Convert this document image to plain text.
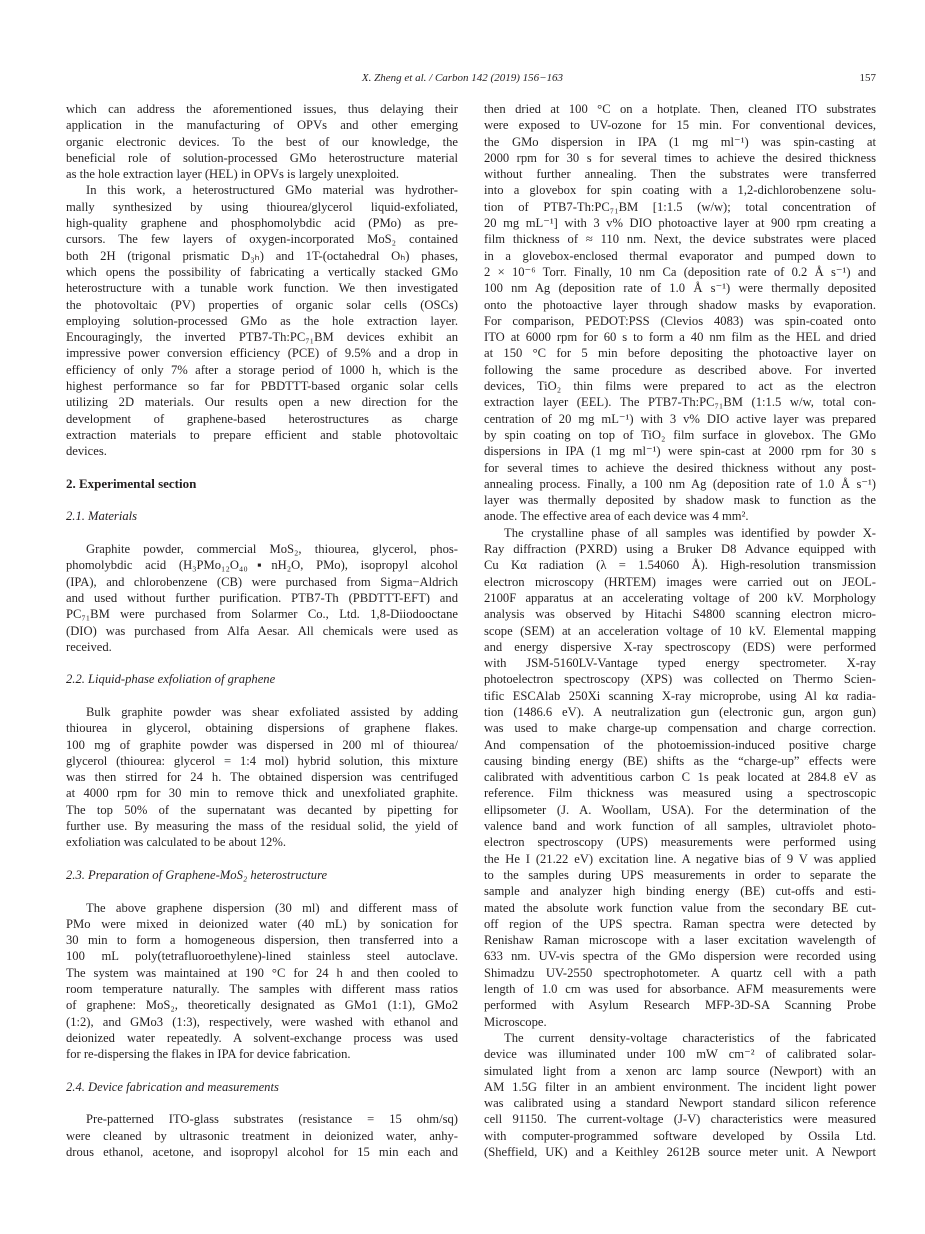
X. Zheng et al. / Carbon 142 (2019) 156−163	157
which can address the aforementioned issues, thus delaying their
application in the manufacturing of OPVs and other emerging
organic electronic devices. To the best of our knowledge, the
beneficial role of solution-processed GMo heterostructure material
as the hole extraction layer (HEL) in OPVs is largely unexploited.
In this work, a heterostructured GMo material was hydrother-
mally synthesized by using thiourea/glycerol liquid-exfoliated,
high-quality graphene and phosphomolybdic acid (PMo) as pre-
cursors. The few layers of oxygen-incorporated MoS₂ contained
both 2H (trigonal prismatic D₃ₕ) and 1T-(octahedral Oₕ) phases,
which opens the possibility of fabricating a vertically stacked GMo
heterostructure with a tunable work function. We then investigated
the photovoltaic (PV) properties of organic solar cells (OSCs)
employing solution-processed GMo as the hole extraction layer.
Encouragingly, the inverted PTB7-Th:PC₇₁BM devices exhibit an
impressive power conversion efficiency (PCE) of 9.5% and a drop in
efficiency of only 7% after a storage period of 1000 h, which is the
highest performance so far for PBDTTT-based organic solar cells
utilizing 2D materials. Our results open a new direction for the
development of graphene-based heterostructures as charge
extraction materials to prepare efficient and stable photovoltaic
devices.
2. Experimental section
2.1. Materials
Graphite powder, commercial MoS₂, thiourea, glycerol, phos-
phomolybdic acid (H₃PMo₁₂O₄₀▪nH₂O, PMo), isopropyl alcohol
(IPA), and chlorobenzene (CB) were purchased from Sigma−Aldrich
and used without further purification. PTB7-Th (PBDTTT-EFT) and
PC₇₁BM were purchased from Solarmer Co., Ltd. 1,8-Diiodooctane
(DIO) was purchased from Alfa Aesar. All chemicals were used as
received.
2.2. Liquid-phase exfoliation of graphene
Bulk graphite powder was shear exfoliated assisted by adding
thiourea in glycerol, obtaining dispersions of graphene flakes.
100 mg of graphite powder was dispersed in 200 ml of thiourea/
glycerol (thiourea: glycerol = 1:4 mol) hybrid solution, this mixture
was then stirred for 24 h. The obtained dispersion was centrifuged
at 4000 rpm for 30 min to remove thick and unexfoliated graphite.
The top 50% of the supernatant was decanted by pipetting for
further use. By measuring the mass of the residual solid, the yield of
exfoliation was calculated to be about 12%.
2.3. Preparation of Graphene-MoS₂ heterostructure
The above graphene dispersion (30 ml) and different mass of
PMo were mixed in deionized water (40 mL) by sonication for
30 min to form a homogeneous dispersion, then transferred into a
100 mL poly(tetrafluoroethylene)-lined stainless steel autoclave.
The system was maintained at 190 °C for 24 h and then cooled to
room temperature naturally. The samples with different mass ratios
of graphene: MoS₂, theoretically designated as GMo1 (1:1), GMo2
(1:2), and GMo3 (1:3), respectively, were washed with ethanol and
deionized water repeatedly. A solvent-exchange process was used
for re-dispersing the flakes in IPA for device fabrication.
2.4. Device fabrication and measurements
Pre-patterned ITO-glass substrates (resistance = 15 ohm/sq)
were cleaned by ultrasonic treatment in deionized water, anhy-
drous ethanol, acetone, and isopropyl alcohol for 15 min each and
then dried at 100 °C on a hotplate. Then, cleaned ITO substrates
were exposed to UV-ozone for 15 min. For conventional devices,
the GMo dispersion in IPA (1 mg ml⁻¹) was spin-casting at
2000 rpm for 30 s for several times to achieve the desired thickness
without further annealing. Then the substrates were transferred
into a glovebox for spin coating with a 1,2-dichlorobenzene solu-
tion of PTB7-Th:PC₇₁BM [1:1.5 (w/w); total concentration of
20 mg mL⁻¹] with 3 v% DIO photoactive layer at 900 rpm creating a
film thickness of ≈ 110 nm. Next, the device substrates were placed
in a glovebox-enclosed thermal evaporator and pumped down to
2 × 10⁻⁶ Torr. Finally, 10 nm Ca (deposition rate of 0.2 Å s⁻¹) and
100 nm Ag (deposition rate of 1.0 Å s⁻¹) were thermally deposited
onto the photoactive layer through shadow masks by evaporation.
For comparison, PEDOT:PSS (Clevios 4083) was spin-coated onto
ITO at 6000 rpm for 60 s to form a 40 nm film as the HEL and dried
at 150 °C for 5 min before depositing the photoactive layer on
following the same procedure as described above. For inverted
devices, TiO₂ thin films were prepared to act as the electron
extraction layer (EEL). The PTB7-Th:PC₇₁BM (1:1.5 w/w, total con-
centration of 20 mg mL⁻¹) with 3 v% DIO active layer was prepared
by spin coating on top of TiO₂ film surface in glovebox. The GMo
dispersions in IPA (1 mg ml⁻¹) were spin-cast at 2000 rpm for 30 s
for several times to achieve the desired thickness without any post-
annealing process. Finally, a 100 nm Ag (deposition rate of 1.0 Å s⁻¹)
layer was thermally deposited by shadow mask to function as the
anode. The effective area of each device was 4 mm².
The crystalline phase of all samples was identified by powder X-
Ray diffraction (PXRD) using a Bruker D8 Advance equipped with
Cu Kα radiation (λ = 1.54060 Å). High-resolution transmission
electron microscopy (HRTEM) images were carried out on JEOL-
2100F apparatus at an accelerating voltage of 200 kV. Morphology
analysis was observed by Hitachi S4800 scanning electron micro-
scope (SEM) at an acceleration voltage of 10 kV. Elemental mapping
and energy dispersive X-ray spectroscopy (EDS) were performed
with JSM-5160LV-Vantage typed energy spectrometer. X-ray
photoelectron spectroscopy (XPS) was collected on Thermo Scien-
tific ESCAlab 250Xi scanning X-ray microprobe, using Al kα radia-
tion (1486.6 eV). A neutralization gun (electronic gun, argon gun)
was used to make charge-up compensation and charge correction.
And compensation of the photoemission-induced positive charge
causing binding energy (BE) shifts as the “charge-up” effects were
calibrated with adventitious carbon C 1s peak located at 284.8 eV as
reference. Film thickness was measured using a spectroscopic
ellipsometer (J. A. Woollam, USA). For the determination of the
valence band and work function of all samples, ultraviolet photo-
electron spectroscopy (UPS) measurements were performed using
the He I (21.22 eV) excitation line. A negative bias of 9 V was applied
to the samples during UPS measurements in order to separate the
sample and analyzer high binding energy (BE) cut-offs and esti-
mated the absolute work function value from the secondary BE cut-
off region of the UPS spectra. Raman spectra were detected by
Renishaw Raman microscope with a laser excitation wavelength of
633 nm. UV-vis spectra of the GMo dispersion were recorded using
Shimadzu UV-2550 spectrophotometer. A quartz cell with a path
length of 1.0 cm was used for absorbance. AFM measurements were
performed with Asylum Research MFP-3D-SA Scanning Probe
Microscope.
The current density-voltage characteristics of the fabricated
device was illuminated under 100 mW cm⁻² of calibrated solar-
simulated light from a xenon arc lamp source (Newport) with an
AM 1.5G filter in an ambient environment. The incident light power
was calibrated using a standard Newport standard silicon reference
cell 91150. The current-voltage (J-V) characteristics were measured
with computer-programmed software developed by Ossila Ltd.
(Sheffield, UK) and a Keithley 2612B source meter unit. A Newport
